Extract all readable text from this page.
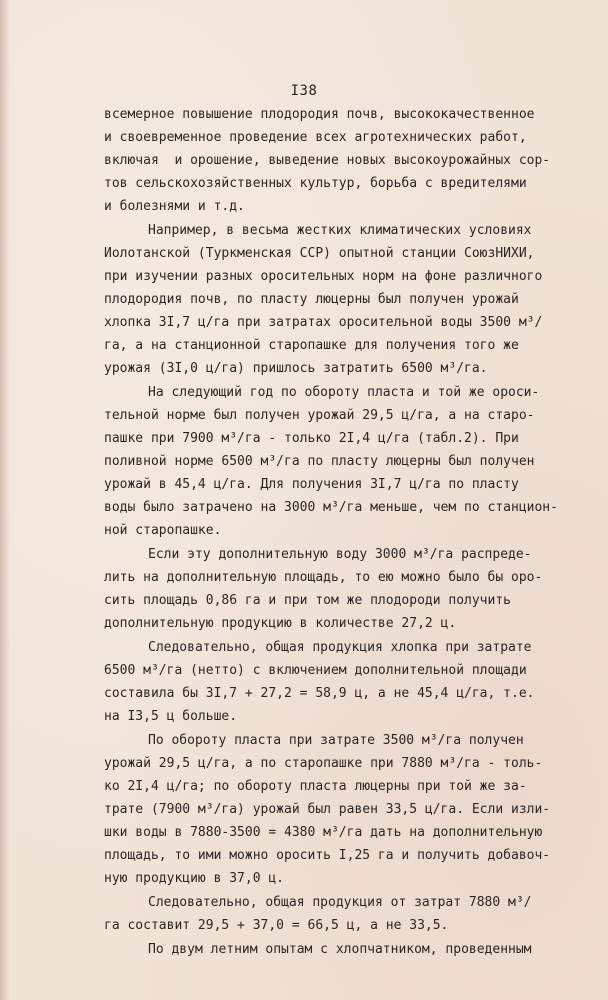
I38
всемерное повышение плодородия почв, высококачественное
и своевременное проведение всех агротехнических работ,
включая  и орошение, выведение новых высокоурожайных сор-
тов сельскохозяйственных культур, борьба с вредителями
и болезнями и т.д.
Например, в весьма жестких климатических условиях
Иолотанской (Туркменская ССР) опытной станции СоюзНИХИ,
при изучении разных оросительных норм на фоне различного
плодородия почв, по пласту люцерны был получен урожай
хлопка 3I,7 ц/га при затратах оросительной воды 3500 м³/
га, а на станционной старопашке для получения того же
урожая (3I,0 ц/га) пришлось затратить 6500 м³/га.
На следующий год по обороту пласта и той же ороси-
тельной норме был получен урожай 29,5 ц/га, а на старо-
пашке при 7900 м³/га - только 2I,4 ц/га (табл.2). При
поливной норме 6500 м³/га по пласту люцерны был получен
урожай в 45,4 ц/га. Для получения 3I,7 ц/га по пласту
воды было затрачено на 3000 м³/га меньше, чем по станцион-
ной старопашке.
Если эту дополнительную воду 3000 м³/га распреде-
лить на дополнительную площадь, то ею можно было бы оро-
сить площадь 0,86 га и при том же плодороди получить
дополнительную продукцию в количестве 27,2 ц.
Следовательно, общая продукция хлопка при затрате
6500 м³/га (нетто) с включением дополнительной площади
составила бы 3I,7 + 27,2 = 58,9 ц, а не 45,4 ц/га, т.е.
на I3,5 ц больше.
По обороту пласта при затрате 3500 м³/га получен
урожай 29,5 ц/га, а по старопашке при 7880 м³/га - толь-
ко 2I,4 ц/га; по обороту пласта люцерны при той же за-
трате (7900 м³/га) урожай был равен 33,5 ц/га. Если изли-
шки воды в 7880-3500 = 4380 м³/га дать на дополнительную
площадь, то ими можно оросить I,25 га и получить добавоч-
ную продукцию в 37,0 ц.
Следовательно, общая продукция от затрат 7880 м³/
га составит 29,5 + 37,0 = 66,5 ц, а не 33,5.
По двум летним опытам с хлопчатником, проведенным
